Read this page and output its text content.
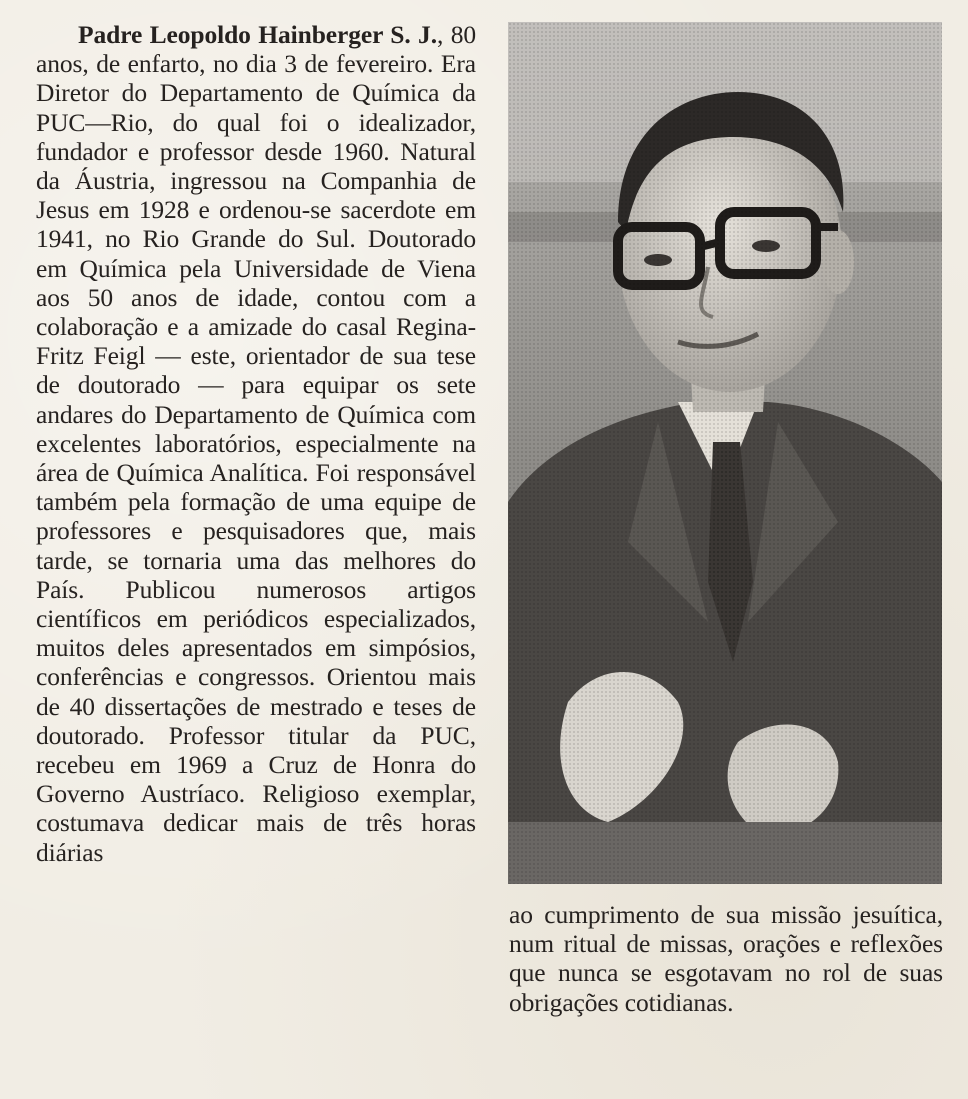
Padre Leopoldo Hainberger S. J., 80 anos, de enfarto, no dia 3 de fevereiro. Era Diretor do Departamento de Química da PUC—Rio, do qual foi o idealizador, fundador e professor desde 1960. Natural da Áustria, ingressou na Companhia de Jesus em 1928 e ordenou-se sacerdote em 1941, no Rio Grande do Sul. Doutorado em Química pela Universidade de Viena aos 50 anos de idade, contou com a colaboração e a amizade do casal Regina-Fritz Feigl — este, orientador de sua tese de doutorado — para equipar os sete andares do Departamento de Química com excelentes laboratórios, especialmente na área de Química Analítica. Foi responsável também pela formação de uma equipe de professores e pesquisadores que, mais tarde, se tornaria uma das melhores do País. Publicou numerosos artigos científicos em periódicos especializados, muitos deles apresentados em simpósios, conferências e congressos. Orientou mais de 40 dissertações de mestrado e teses de doutorado. Professor titular da PUC, recebeu em 1969 a Cruz de Honra do Governo Austríaco. Religioso exemplar, costumava dedicar mais de três horas diárias
ao cumprimento de sua missão jesuítica, num ritual de missas, orações e reflexões que nunca se esgotavam no rol de suas obrigações cotidianas.
